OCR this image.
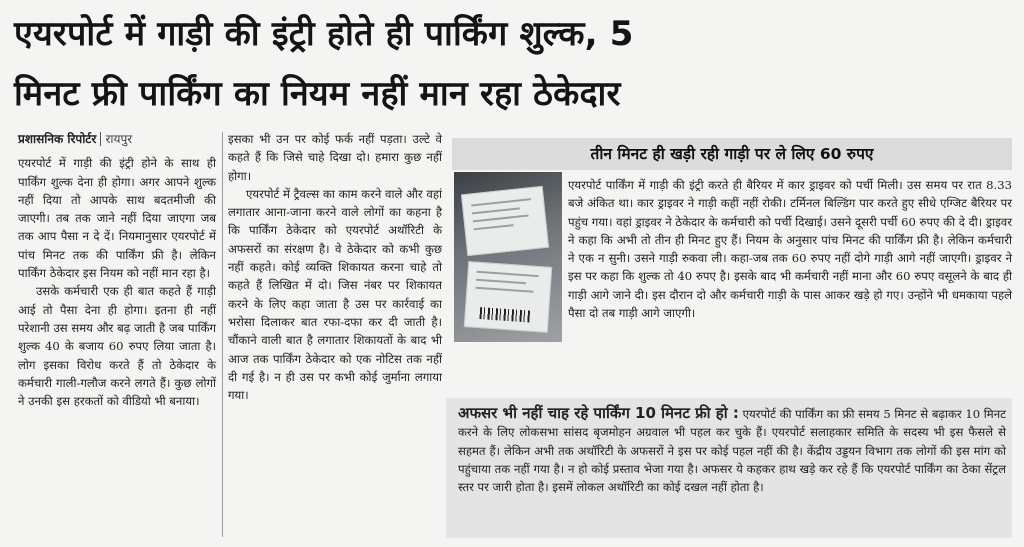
एयरपोर्ट में गाड़ी की इंट्री होते ही पार्किंग शुल्क, 5
मिनट फ्री पार्किंग का नियम नहीं मान रहा ठेकेदार
प्रशासनिक रिपोर्टर रायपुर

एयरपोर्ट में गाड़ी की इंट्री होने के साथ ही पार्किंग शुल्क देना ही होगा। अगर आपने शुल्क नहीं दिया तो आपके साथ बदतमीजी की जाएगी। तब तक जाने नहीं दिया जाएगा जब तक आप पैसा न दे दें। नियमानुसार एयरपोर्ट में पांच मिनट तक की पार्किंग फ्री है। लेकिन पार्किंग ठेकेदार इस नियम को नहीं मान रहा है।

उसके कर्मचारी एक ही बात कहते हैं गाड़ी आई तो पैसा देना ही होगा। इतना ही नहीं परेशानी उस समय और बढ़ जाती है जब पार्किंग शुल्क 40 के बजाय 60 रुपए लिया जाता है। लोग इसका विरोध करते हैं तो ठेकेदार के कर्मचारी गाली-गलौज करने लगते हैं। कुछ लोगों ने उनकी इस हरकतों को वीडियो भी बनाया।

इसका भी उन पर कोई फर्क नहीं पड़ता। उल्टे वे कहते हैं कि जिसे चाहे दिखा दो। हमारा कुछ नहीं होगा।

एयरपोर्ट में ट्रैवल्स का काम करने वाले और वहां लगातार आना-जाना करने वाले लोगों का कहना है कि पार्किंग ठेकेदार को एयरपोर्ट अथॉरिटी के अफसरों का संरक्षण है। वे ठेकेदार को कभी कुछ नहीं कहते। कोई व्यक्ति शिकायत करना चाहे तो कहते हैं लिखित में दो। जिस नंबर पर शिकायत करने के लिए कहा जाता है उस पर कार्रवाई का भरोसा दिलाकर बात रफा-दफा कर दी जाती है। चौंकाने वाली बात है लगातार शिकायतों के बाद भी आज तक पार्किंग ठेकेदार को एक नोटिस तक नहीं दी गई है। न ही उस पर कभी कोई जुर्माना लगाया गया।

तीन मिनट ही खड़ी रही गाड़ी पर ले लिए 60 रुपए

एयरपोर्ट पार्किंग में गाड़ी की इंट्री करते ही बैरियर में कार ड्राइवर को पर्ची मिली। उस समय पर रात 8.33 बजे अंकित था। कार ड्राइवर ने गाड़ी कहीं नहीं रोकी। टर्मिनल बिल्डिंग पार करते हुए सीधे एग्जिट बैरियर पर पहुंच गया। वहां ड्राइवर ने ठेकेदार के कर्मचारी को पर्ची दिखाई। उसने दूसरी पर्ची 60 रुपए की दे दी। ड्राइवर ने कहा कि अभी तो तीन ही मिनट हुए हैं। नियम के अनुसार पांच मिनट की पार्किंग फ्री है। लेकिन कर्मचारी ने एक न सुनी। उसने गाड़ी रुकवा ली। कहा-जब तक 60 रुपए नहीं दोगे गाड़ी आगे नहीं जाएगी। ड्राइवर ने इस पर कहा कि शुल्क तो 40 रुपए है। इसके बाद भी कर्मचारी नहीं माना और 60 रुपए वसूलने के बाद ही गाड़ी आगे जाने दी। इस दौरान दो और कर्मचारी गाड़ी के पास आकर खड़े हो गए। उन्होंने भी धमकाया पहले पैसा दो तब गाड़ी आगे जाएगी।

अफसर भी नहीं चाह रहे पार्किंग 10 मिनट फ्री हो : एयरपोर्ट की पार्किंग का फ्री समय 5 मिनट से बढ़ाकर 10 मिनट करने के लिए लोकसभा सांसद बृजमोहन अग्रवाल भी पहल कर चुके हैं। एयरपोर्ट सलाहकार समिति के सदस्य भी इस फैसले से सहमत हैं। लेकिन अभी तक अथॉरिटी के अफसरों ने इस पर कोई पहल नहीं की है। केंद्रीय उड्डयन विभाग तक लोगों की इस मांग को पहुंचाया तक नहीं गया है। न हो कोई प्रस्ताव भेजा गया है। अफसर ये कहकर हाथ खड़े कर रहे हैं कि एयरपोर्ट पार्किंग का ठेका सेंट्रल स्तर पर जारी होता है। इसमें लोकल अथॉरिटी का कोई दखल नहीं होता है।
